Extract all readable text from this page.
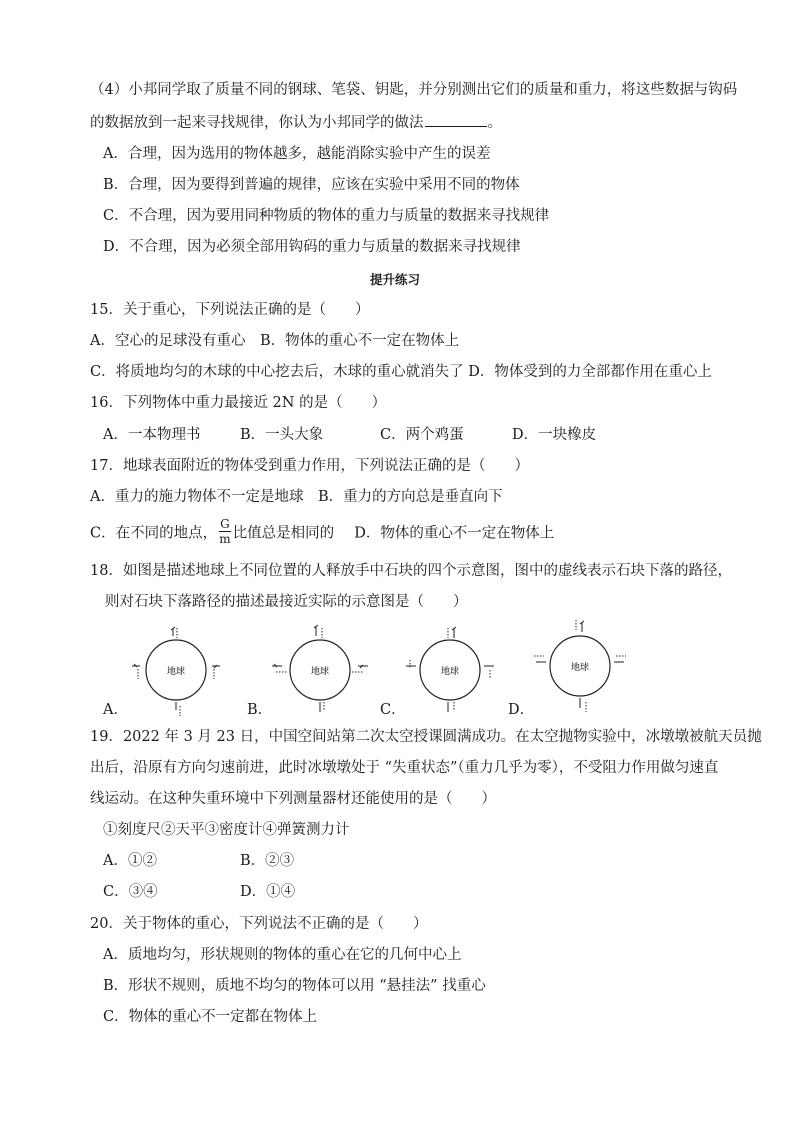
（4）小邦同学取了质量不同的钢球、笔袋、钥匙，并分别测出它们的质量和重力，将这些数据与钩码
的数据放到一起来寻找规律，你认为小邦同学的做法	。
A．合理，因为选用的物体越多，越能消除实验中产生的误差
B．合理，因为要得到普遍的规律，应该在实验中采用不同的物体
C．不合理，因为要用同种物质的物体的重力与质量的数据来寻找规律
D．不合理，因为必须全部用钩码的重力与质量的数据来寻找规律
提升练习
15．关于重心，下列说法正确的是（　　）
A．空心的足球没有重心　B．物体的重心不一定在物体上
C．将质地均匀的木球的中心挖去后，木球的重心就消失了 D．物体受到的力全部都作用在重心上
16．下列物体中重力最接近 2N 的是（　　）
A．一本物理书	B．一头大象	C．两个鸡蛋	D．一块橡皮
17．地球表面附近的物体受到重力作用，下列说法正确的是（　　）
A．重力的施力物体不一定是地球　B．重力的方向总是垂直向下
C．在不同的地点， $\frac{G}{m}$ 比值总是相同的 D．物体的重心不一定在物体上
18．如图是描述地球上不同位置的人释放手中石块的四个示意图，图中的虚线表示石块下落的路径，
则对石块下落路径的描述最接近实际的示意图是（　　）
地球
A．
地球
B．
地球
C．
地球
D．
19．2022 年 3 月 23 日，中国空间站第二次太空授课圆满成功。在太空抛物实验中，冰墩墩被航天员抛
出后，沿原有方向匀速前进，此时冰墩墩处于 “失重状态”（重力几乎为零），不受阻力作用做匀速直
线运动。在这种失重环境中下列测量器材还能使用的是（　　）
①刻度尺②天平③密度计④弹簧测力计
A．①②	B．②③
C．③④	D．①④
20．关于物体的重心，下列说法不正确的是（　　）
A．质地均匀，形状规则的物体的重心在它的几何中心上
B．形状不规则，质地不均匀的物体可以用 “悬挂法” 找重心
C．物体的重心不一定都在物体上
